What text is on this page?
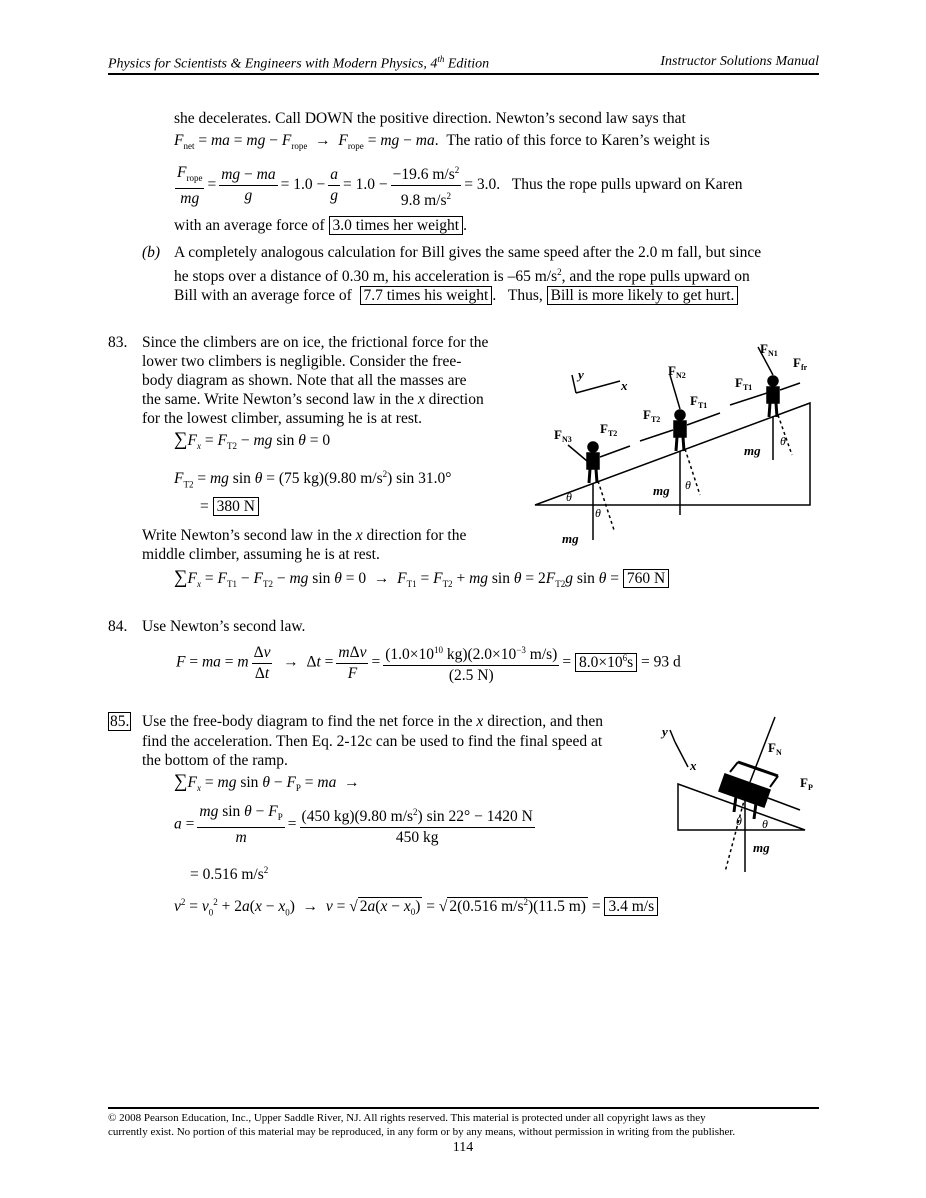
Physics for Scientists & Engineers with Modern Physics, 4th Edition	Instructor Solutions Manual
she decelerates. Call DOWN the positive direction. Newton’s second law says that
$F_{net}$ = ma = mg − $F_{rope} \to F_{rope}$ = mg − ma.  The ratio of this force to Karen’s weight is
$\frac{F_{rope}}{mg} = \frac{mg - ma}{g} = 1.0 - \frac{a}{g} = 1.0 - \frac{-19.6 m/s^2}{9.8 m/s^2} = 3.0$.   Thus the rope pulls upward on Karen
with an average force of 3.0 times her weight .
(b) A completely analogous calculation for Bill gives the same speed after the 2.0 m fall, but since
he stops over a distance of 0.30 m, his acceleration is –65 $m/s^2$, and the rope pulls upward on
Bill with an average force of 7.7 times his weight .   Thus, Bill is more likely to get hurt.
83. Since the climbers are on ice, the frictional force for the
lower two climbers is negligible. Consider the free-
body diagram as shown. Note that all the masses are
the same. Write Newton’s second law in the x direction
for the lowest climber, assuming he is at rest.
$\sum F_x = F_{T2}$ − mg sin θ = 0
$F_{T2}$ = mg sin θ = (75 kg)(9.80 $m/s^2$) sin 31.0°
= 380 N
Write Newton’s second law in the x direction for the
middle climber, assuming he is at rest.
$\sum F_x = F_{T1} - F_{T2}$ − mg $\sin \theta = 0 \to F_{T1} = F_{T2}$ + mg $\sin \theta = 2F_{T2}g$ sin θ = 760 N
y
x
$F_{N1}$
$F_{fr}$
$F_{N2}$	$F_{T1}$
$F_{T1}$
$F_{T2}$
$F_{T2}$
$F_{N3}$
mg
mg
mg
θ
θ
θ
θ
84. Use Newton’s second law.
F = ma = m $\frac{\Delta v}{\Delta t} \to \Delta t = \frac{\text{mΔv}}{F} = \frac{(1.0\times 10^{10} kg)(2.0\times 10^{-3} m/s)}{(2.5 N)} = 8.0\times 10^6s = 93$ d
85. Use the free-body diagram to find the net force in the x direction, and then
find the acceleration. Then Eq. 2-12c can be used to find the final speed at
the bottom of the ramp.
$\sum F_x$ = mg $\sin \theta - F_P$ = ma  →
$a = \frac{mg \sin \theta - F_P}{m} = \frac{(450 kg)(9.80 m/s^2) \sin 22^\circ - 1420 N}{450 kg}$
= 0.516 $m/s^2$
$v^2 = v_0^2 + 2a(x - x_0) \to v$ = √ $2a(x - x_0)$ = √ 2(0.516 $m/s^2)(11.5$ m) = 3.4 m/s
y
x
$F_N$
$F_P$
mg
θ θ
© 2008 Pearson Education, Inc., Upper Saddle River, NJ. All rights reserved. This material is protected under all copyright laws as they
currently exist. No portion of this material may be reproduced, in any form or by any means, without permission in writing from the publisher.
114
